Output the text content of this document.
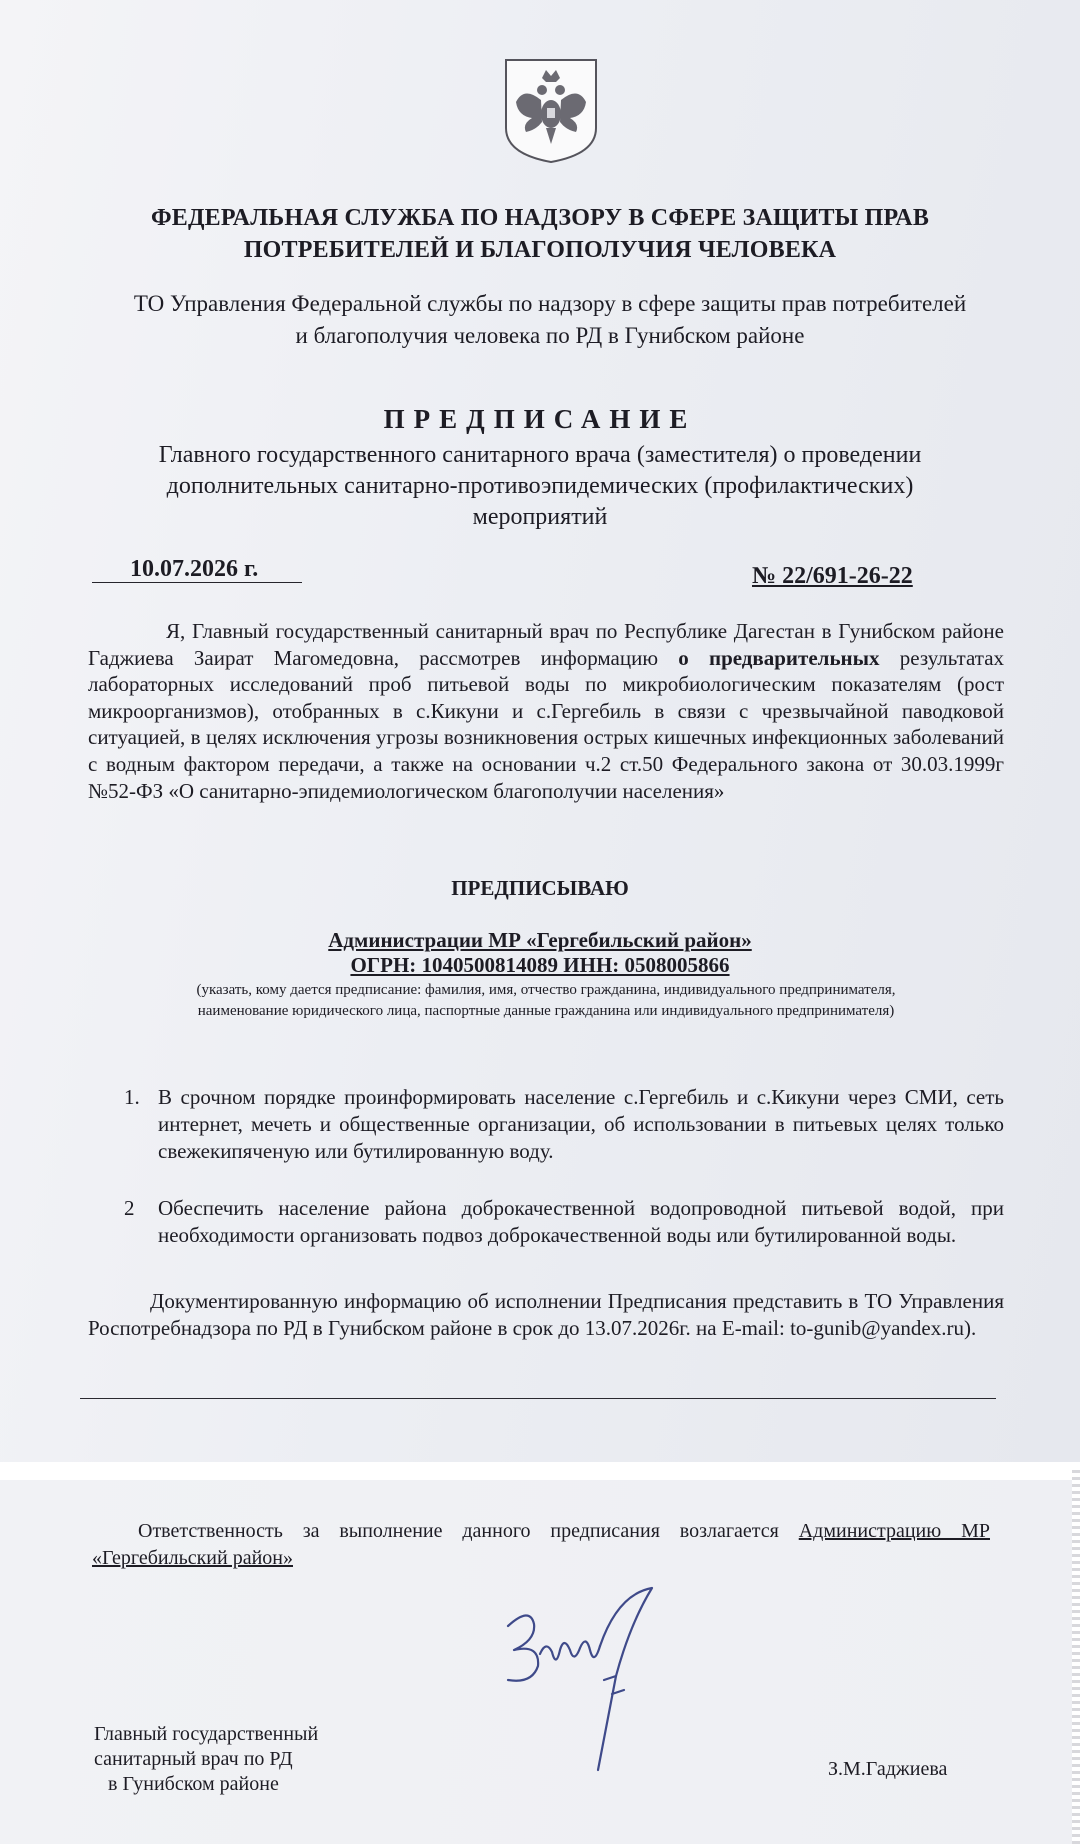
ФЕДЕРАЛЬНАЯ СЛУЖБА ПО НАДЗОРУ В СФЕРЕ ЗАЩИТЫ ПРАВ
ПОТРЕБИТЕЛЕЙ И БЛАГОПОЛУЧИЯ ЧЕЛОВЕКА
ТО Управления Федеральной службы по надзору в сфере защиты прав потребителей
и благополучия человека по РД в Гунибском районе
ПРЕДПИСАНИЕ
Главного государственного санитарного врача (заместителя) о проведении
дополнительных санитарно-противоэпидемических (профилактических)
мероприятий
10.07.2026 г.	№ 22/691-26-22
Я, Главный государственный санитарный врач по Республике Дагестан в Гунибском районе Гаджиева Заират Магомедовна, рассмотрев информацию о предварительных результатах лабораторных исследований проб питьевой воды по микробиологическим показателям (рост микроорганизмов), отобранных в с.Кикуни и с.Гергебиль в связи с чрезвычайной паводковой ситуацией, в целях исключения угрозы возникновения острых кишечных инфекционных заболеваний с водным фактором передачи, а также на основании ч.2 ст.50 Федерального закона от 30.03.1999г №52-ФЗ «О санитарно-эпидемиологическом благополучии населения»
ПРЕДПИСЫВАЮ
Администрации МР «Гергебильский район»
ОГРН: 1040500814089 ИНН: 0508005866
(указать, кому дается предписание: фамилия, имя, отчество гражданина, индивидуального предпринимателя,
наименование юридического лица, паспортные данные гражданина или индивидуального предпринимателя)
1. В срочном порядке проинформировать население с.Гергебиль и с.Кикуни через СМИ, сеть интернет, мечеть и общественные организации, об использовании в питьевых целях только свежекипяченую или бутилированную воду.
2	Обеспечить население района доброкачественной водопроводной питьевой водой, при необходимости организовать подвоз доброкачественной воды или бутилированной воды.
Документированную информацию об исполнении Предписания представить в ТО Управления Роспотребнадзора по РД в Гунибском районе в срок до 13.07.2026г. на E-mail: to-gunib@yandex.ru).
Ответственность за выполнение данного предписания возлагается Администрацию МР «Гергебильский район»
Главный государственный
санитарный врач по РД
в Гунибском районе
З.М.Гаджиева
